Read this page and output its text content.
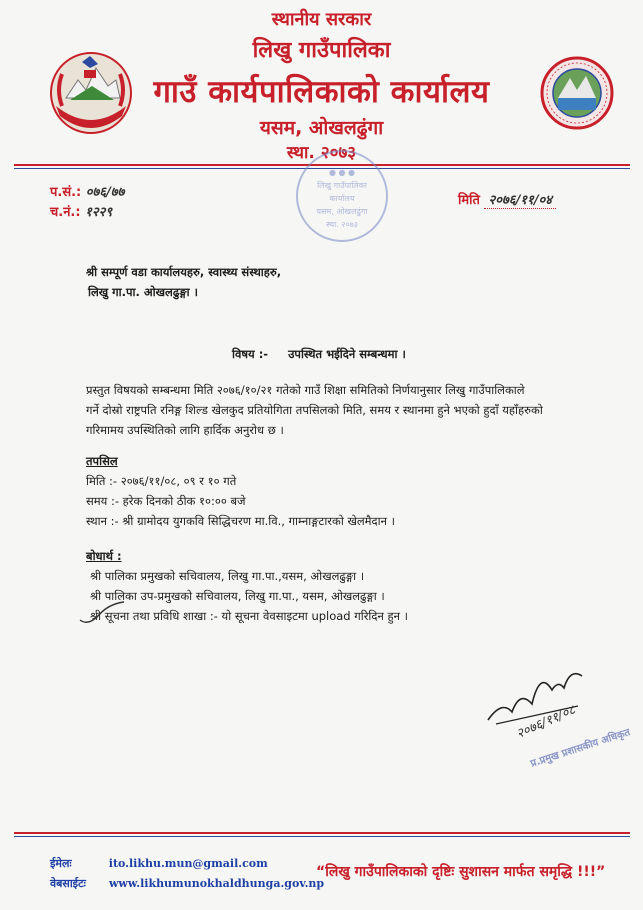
स्थानीय सरकार
लिखु गाउँपालिका
गाउँ कार्यपालिकाको कार्यालय
यसम, ओखलढुंगा
स्था. २०७३
● ● ●
लिखु गाउँपालिका
कार्यालय
यसम, ओखलढुंगा
स्था. २०७३
प.सं.: ०७६/७७
च.नं.: १२२९
मिति २०७६/११/०४
श्री सम्पूर्ण वडा कार्यालयहरु, स्वास्थ्य संस्थाहरु,
लिखु गा.पा. ओखलढुङ्गा ।
विषय :- उपस्थित भईदिने सम्बन्धमा ।
प्रस्तुत विषयको सम्बन्धमा मिति २०७६/१०/२१ गतेको गाउँ शिक्षा समितिको निर्णयानुसार लिखु गाउँपालिकाले
गर्ने दोस्रो राष्ट्रपति रनिङ्ग शिल्ड खेलकुद प्रतियोगिता तपसिलको मिति, समय र स्थानमा हुने भएको हुदाँ यहाँहरुको
गरिमामय उपस्थितिको लागि हार्दिक अनुरोध छ ।
तपसिल
मिति :- २०७६/११/०८, ०९ र १० गते
समय :- हरेक दिनको ठीक १०:०० बजे
स्थान :- श्री ग्रामोदय युगकवि सिद्धिचरण मा.वि., गाम्नाङ्गटारको खेलमैदान ।
बोधार्थ :
श्री पालिका प्रमुखको सचिवालय, लिखु गा.पा.,यसम, ओखलढुङ्गा ।
श्री पालिका उप-प्रमुखको सचिवालय, लिखु गा.पा., यसम, ओखलढुङ्गा ।
श्री सूचना तथा प्रविधि शाखा :- यो सूचना वेवसाइटमा upload गरिदिन हुन ।
२०७६/११/०८
प्र.प्रमुख प्रशासकीय अधिकृत
ईमेलः	ito.likhu.mun@gmail.com
वेबसाईटः www.likhumunokhaldhunga.gov.np
“लिखु गाउँपालिकाको दृष्टिः सुशासन मार्फत समृद्धि !!!”
